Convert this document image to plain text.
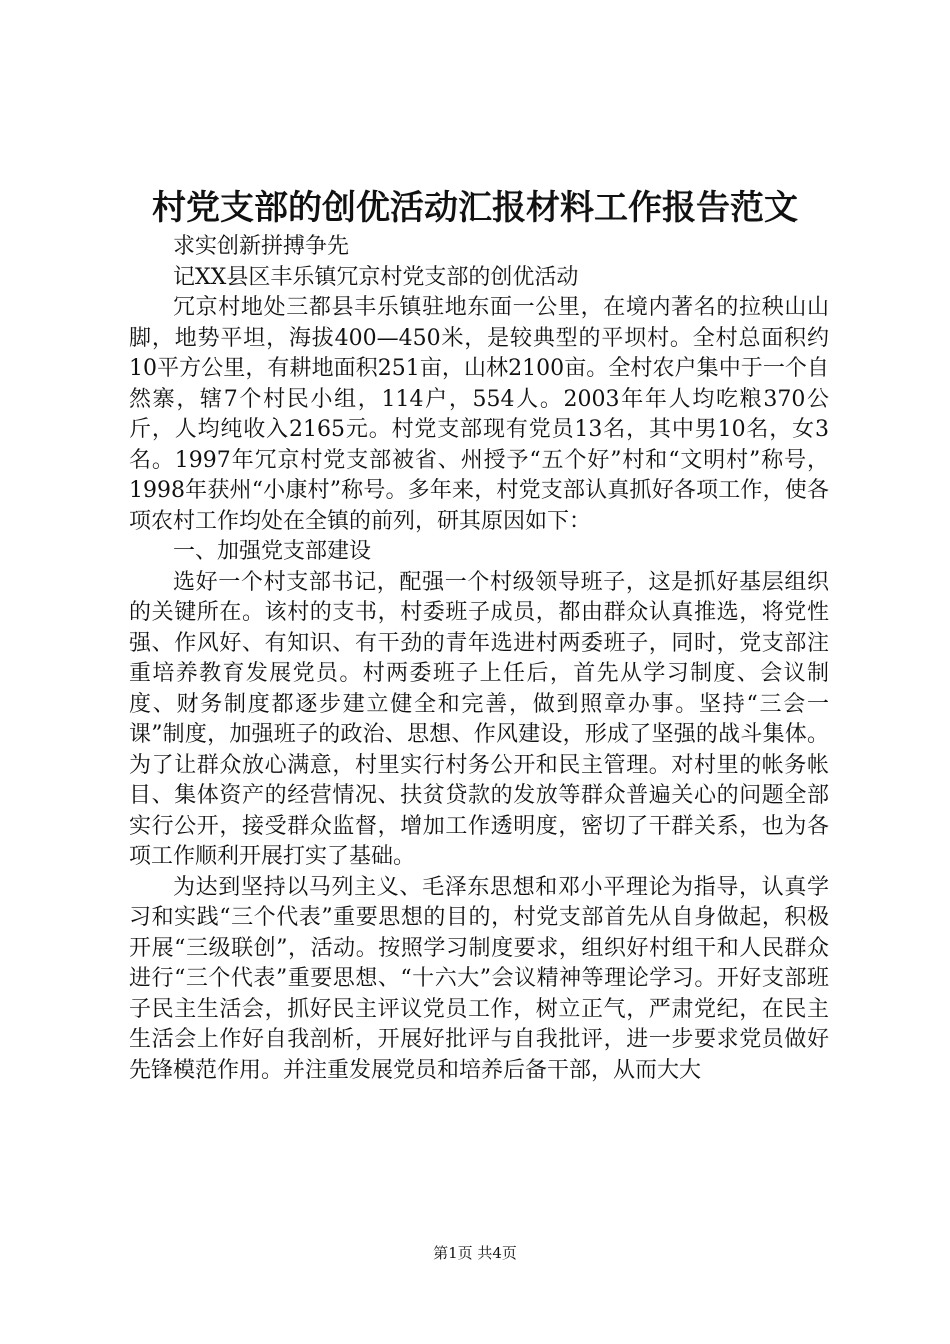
村党支部的创优活动汇报材料工作报告范文

求实创新拼搏争先

记XX县区丰乐镇冗京村党支部的创优活动

冗京村地处三都县丰乐镇驻地东面一公里，在境内著名的拉秧山山脚，地势平坦，海拔400—450米，是较典型的平坝村。全村总面积约10平方公里，有耕地面积251亩，山林2100亩。全村农户集中于一个自然寨，辖7个村民小组，114户，554人。2003年年人均吃粮370公斤，人均纯收入2165元。村党支部现有党员13名，其中男10名，女3名。1997年冗京村党支部被省、州授予“五个好”村和“文明村”称号，1998年获州“小康村”称号。多年来，村党支部认真抓好各项工作，使各项农村工作均处在全镇的前列，研其原因如下：

一、加强党支部建设

选好一个村支部书记，配强一个村级领导班子，这是抓好基层组织的关键所在。该村的支书，村委班子成员，都由群众认真推选，将党性强、作风好、有知识、有干劲的青年选进村两委班子，同时，党支部注重培养教育发展党员。村两委班子上任后，首先从学习制度、会议制度、财务制度都逐步建立健全和完善，做到照章办事。坚持“三会一课”制度，加强班子的政治、思想、作风建设，形成了坚强的战斗集体。为了让群众放心满意，村里实行村务公开和民主管理。对村里的帐务帐目、集体资产的经营情况、扶贫贷款的发放等群众普遍关心的问题全部实行公开，接受群众监督，增加工作透明度，密切了干群关系，也为各项工作顺利开展打实了基础。

为达到坚持以马列主义、毛泽东思想和邓小平理论为指导，认真学习和实践“三个代表”重要思想的目的，村党支部首先从自身做起，积极开展“三级联创”，活动。按照学习制度要求，组织好村组干和人民群众进行“三个代表”重要思想、“十六大”会议精神等理论学习。开好支部班子民主生活会，抓好民主评议党员工作，树立正气，严肃党纪，在民主生活会上作好自我剖析，开展好批评与自我批评，进一步要求党员做好先锋模范作用。并注重发展党员和培养后备干部，从而大大

第1页 共4页
